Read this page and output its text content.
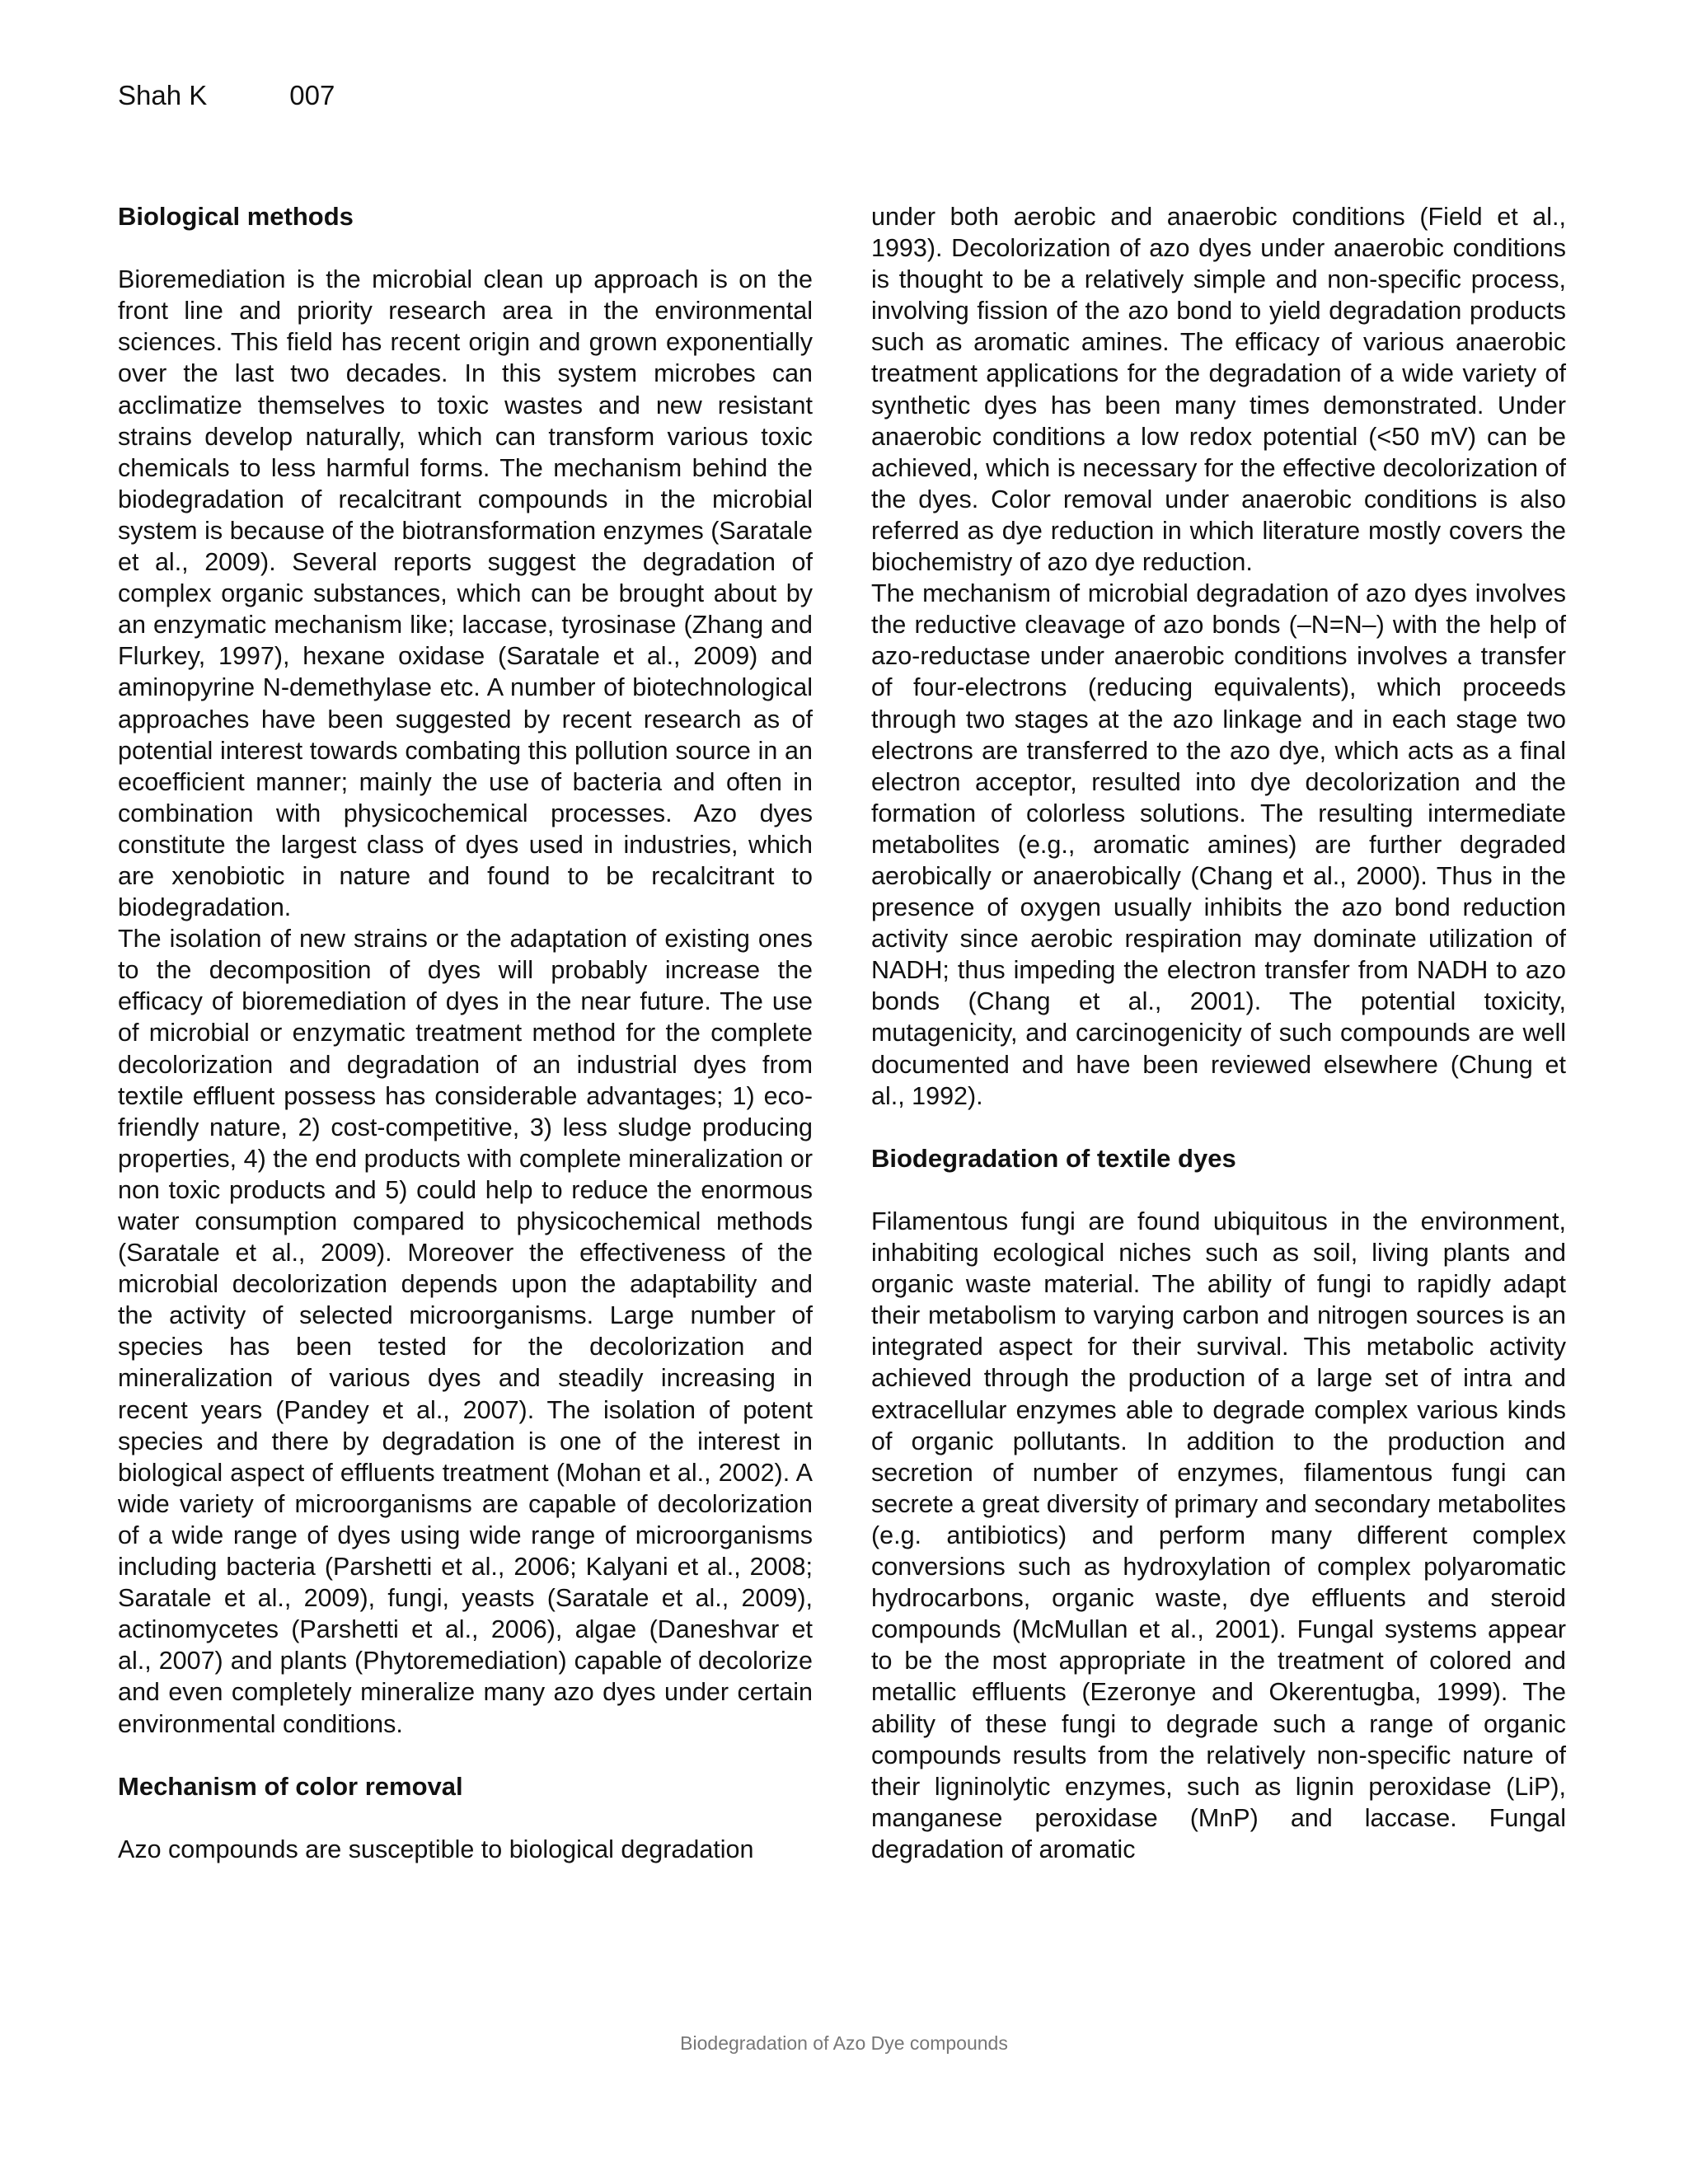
Shah K	007
Biological methods

Bioremediation is the microbial clean up approach is on the front line and priority research area in the environmental sciences. This field has recent origin and grown exponentially over the last two decades. In this system microbes can acclimatize themselves to toxic wastes and new resistant strains develop naturally, which can transform various toxic chemicals to less harmful forms. The mechanism behind the biodegradation of recalcitrant compounds in the microbial system is because of the biotransformation enzymes (Saratale et al., 2009). Several reports suggest the degradation of complex organic substances, which can be brought about by an enzymatic mechanism like; laccase, tyrosinase (Zhang and Flurkey, 1997), hexane oxidase (Saratale et al., 2009) and aminopyrine N-demethylase etc. A number of biotechnological approaches have been suggested by recent research as of potential interest towards combating this pollution source in an ecoefficient manner; mainly the use of bacteria and often in combination with physicochemical processes. Azo dyes constitute the largest class of dyes used in industries, which are xenobiotic in nature and found to be recalcitrant to biodegradation.

The isolation of new strains or the adaptation of existing ones to the decomposition of dyes will probably increase the efficacy of bioremediation of dyes in the near future. The use of microbial or enzymatic treatment method for the complete decolorization and degradation of an industrial dyes from textile effluent possess has considerable advantages; 1) eco-friendly nature, 2) cost-competitive, 3) less sludge producing properties, 4) the end products with complete mineralization or non toxic products and 5) could help to reduce the enormous water consumption compared to physicochemical methods (Saratale et al., 2009). Moreover the effectiveness of the microbial decolorization depends upon the adaptability and the activity of selected microorganisms. Large number of species has been tested for the decolorization and mineralization of various dyes and steadily increasing in recent years (Pandey et al., 2007). The isolation of potent species and there by degradation is one of the interest in biological aspect of effluents treatment (Mohan et al., 2002). A wide variety of microorganisms are capable of decolorization of a wide range of dyes using wide range of microorganisms including bacteria (Parshetti et al., 2006; Kalyani et al., 2008; Saratale et al., 2009), fungi, yeasts (Saratale et al., 2009), actinomycetes (Parshetti et al., 2006), algae (Daneshvar et al., 2007) and plants (Phytoremediation) capable of decolorize and even completely mineralize many azo dyes under certain environmental conditions.

Mechanism of color removal

Azo compounds are susceptible to biological degradation

under both aerobic and anaerobic conditions (Field et al., 1993). Decolorization of azo dyes under anaerobic conditions is thought to be a relatively simple and non-specific process, involving fission of the azo bond to yield degradation products such as aromatic amines. The efficacy of various anaerobic treatment applications for the degradation of a wide variety of synthetic dyes has been many times demonstrated. Under anaerobic conditions a low redox potential (<50 mV) can be achieved, which is necessary for the effective decolorization of the dyes. Color removal under anaerobic conditions is also referred as dye reduction in which literature mostly covers the biochemistry of azo dye reduction.

The mechanism of microbial degradation of azo dyes involves the reductive cleavage of azo bonds (–N=N–) with the help of azo-reductase under anaerobic conditions involves a transfer of four-electrons (reducing equivalents), which proceeds through two stages at the azo linkage and in each stage two electrons are transferred to the azo dye, which acts as a final electron acceptor, resulted into dye decolorization and the formation of colorless solutions. The resulting intermediate metabolites (e.g., aromatic amines) are further degraded aerobically or anaerobically (Chang et al., 2000). Thus in the presence of oxygen usually inhibits the azo bond reduction activity since aerobic respiration may dominate utilization of NADH; thus impeding the electron transfer from NADH to azo bonds (Chang et al., 2001). The potential toxicity, mutagenicity, and carcinogenicity of such compounds are well documented and have been reviewed elsewhere (Chung et al., 1992).

Biodegradation of textile dyes

Filamentous fungi are found ubiquitous in the environment, inhabiting ecological niches such as soil, living plants and organic waste material. The ability of fungi to rapidly adapt their metabolism to varying carbon and nitrogen sources is an integrated aspect for their survival. This metabolic activity achieved through the production of a large set of intra and extracellular enzymes able to degrade complex various kinds of organic pollutants. In addition to the production and secretion of number of enzymes, filamentous fungi can secrete a great diversity of primary and secondary metabolites (e.g. antibiotics) and perform many different complex conversions such as hydroxylation of complex polyaromatic hydrocarbons, organic waste, dye effluents and steroid compounds (McMullan et al., 2001). Fungal systems appear to be the most appropriate in the treatment of colored and metallic effluents (Ezeronye and Okerentugba, 1999). The ability of these fungi to degrade such a range of organic compounds results from the relatively non-specific nature of their ligninolytic enzymes, such as lignin peroxidase (LiP), manganese peroxidase (MnP) and laccase. Fungal degradation of aromatic

Biodegradation of Azo Dye compounds
